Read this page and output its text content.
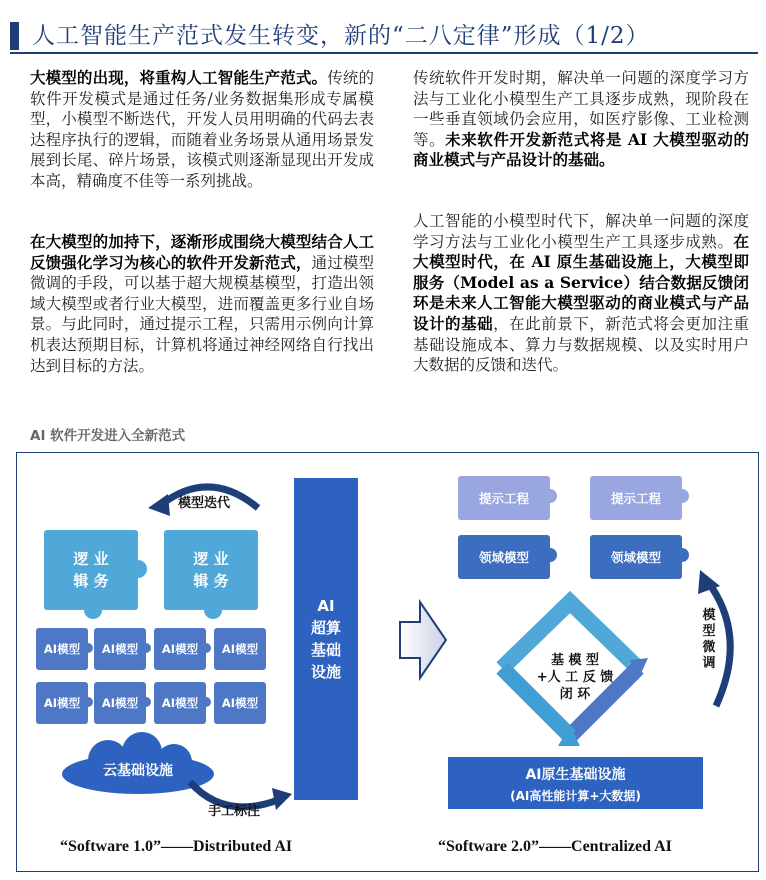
人工智能生产范式发生转变，新的“二八定律”形成（1/2）
大模型的出现，将重构人工智能生产范式。传统的软件开发模式是通过任务/业务数据集形成专属模型，小模型不断迭代，开发人员用明确的代码去表达程序执行的逻辑，而随着业务场景从通用场景发展到长尾、碎片场景，该模式则逐渐显现出开发成本高，精确度不佳等一系列挑战。
在大模型的加持下，逐渐形成围绕大模型结合人工反馈强化学习为核心的软件开发新范式，通过模型微调的手段，可以基于超大规模基模型，打造出领域大模型或者行业大模型，进而覆盖更多行业自场景。与此同时，通过提示工程，只需用示例向计算机表达预期目标，计算机将通过神经网络自行找出达到目标的方法。
传统软件开发时期，解决单一问题的深度学习方法与工业化小模型生产工具逐步成熟，现阶段在一些垂直领域仍会应用，如医疗影像、工业检测等。未来软件开发新范式将是 AI 大模型驱动的商业模式与产品设计的基础。
人工智能的小模型时代下，解决单一问题的深度学习方法与工业化小模型生产工具逐步成熟。在大模型时代，在 AI 原生基础设施上，大模型即服务（Model as a Service）结合数据反馈闭环是未来人工智能大模型驱动的商业模式与产品设计的基础，在此前景下，新范式将会更加注重基础设施成本、算力与数据规模、以及实时用户大数据的反馈和迭代。
AI 软件开发进入全新范式
模型迭代
逻 业
辑 务
逻 业
辑 务
AI模型 AI模型 AI模型 AI模型
AI模型 AI模型 AI模型 AI模型
云基础设施
手工标注
“Software 1.0”——Distributed AI
AI
超算
基础
设施
提示工程	提示工程
领域模型	领域模型
基 模 型
+人 工 反 馈
闭 环
模型微调
AI原生基础设施
(AI高性能计算+大数据)
“Software 2.0”——Centralized AI
